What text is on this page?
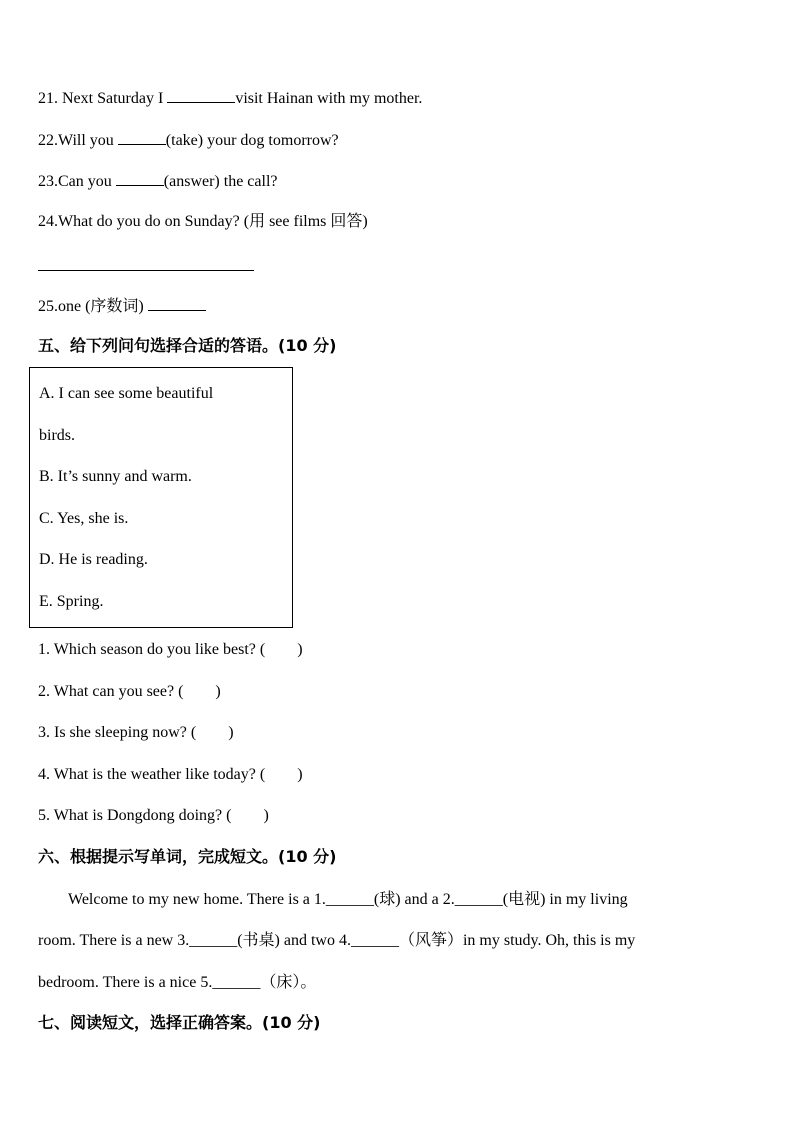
21. Next Saturday I	visit Hainan with my mother.
22.Will you	(take) your dog tomorrow?
23.Can you	(answer) the call?
24.What do you do on Sunday? (用 see films 回答)
25.one (序数词)
五、给下列问句选择合适的答语。(10 分)
A. I can see some beautiful
birds.
B. It’s sunny and warm.
C. Yes, she is.
D. He is reading.
E. Spring.
1. Which season do you like best? (        )
2. What can you see? (        )
3. Is she sleeping now? (        )
4. What is the weather like today? (        )
5. What is Dongdong doing? (        )
六、根据提示写单词，完成短文。(10 分)
Welcome to my new home. There is a 1.______(球) and a 2.______(电视) in my living
room. There is a new 3.______(书桌) and two 4.______（风筝）in my study. Oh, this is my
bedroom. There is a nice 5.______（床）。
七、阅读短文，选择正确答案。(10 分)
